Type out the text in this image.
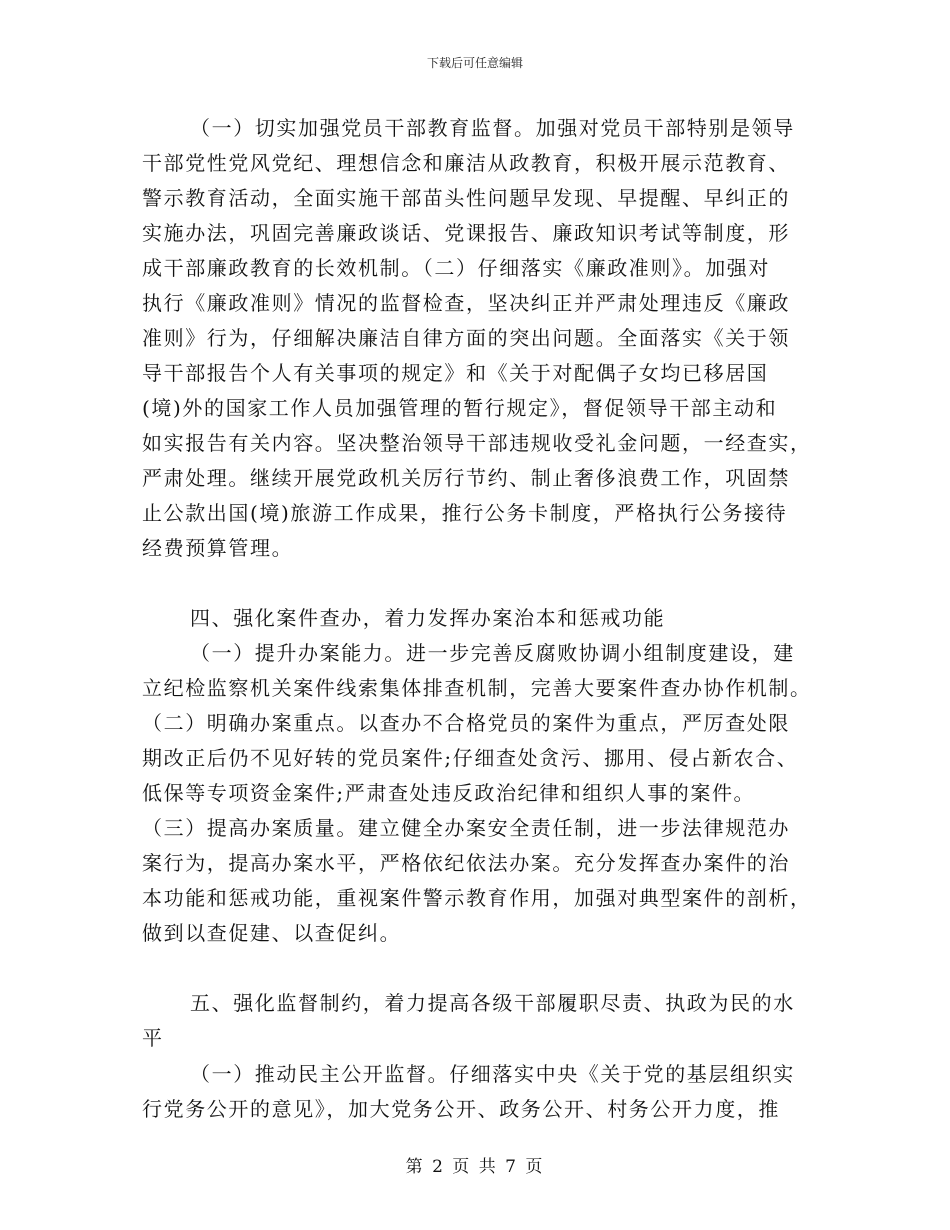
下载后可任意编辑
（一）切实加强党员干部教育监督。加强对党员干部特别是领导
干部党性党风党纪、理想信念和廉洁从政教育，积极开展示范教育、
警示教育活动，全面实施干部苗头性问题早发现、早提醒、早纠正的
实施办法，巩固完善廉政谈话、党课报告、廉政知识考试等制度，形
成干部廉政教育的长效机制。（二）仔细落实《廉政准则》。加强对
执行《廉政准则》情况的监督检查，坚决纠正并严肃处理违反《廉政
准则》行为，仔细解决廉洁自律方面的突出问题。全面落实《关于领
导干部报告个人有关事项的规定》和《关于对配偶子女均已移居国
(境)外的国家工作人员加强管理的暂行规定》，督促领导干部主动和
如实报告有关内容。坚决整治领导干部违规收受礼金问题，一经查实，
严肃处理。继续开展党政机关厉行节约、制止奢侈浪费工作，巩固禁
止公款出国(境)旅游工作成果，推行公务卡制度，严格执行公务接待
经费预算管理。
四、强化案件查办，着力发挥办案治本和惩戒功能
（一）提升办案能力。进一步完善反腐败协调小组制度建设，建
立纪检监察机关案件线索集体排查机制，完善大要案件查办协作机制。
（二）明确办案重点。以查办不合格党员的案件为重点，严厉查处限
期改正后仍不见好转的党员案件;仔细查处贪污、挪用、侵占新农合、
低保等专项资金案件;严肃查处违反政治纪律和组织人事的案件。
（三）提高办案质量。建立健全办案安全责任制，进一步法律规范办
案行为，提高办案水平，严格依纪依法办案。充分发挥查办案件的治
本功能和惩戒功能，重视案件警示教育作用，加强对典型案件的剖析，
做到以查促建、以查促纠。
五、强化监督制约，着力提高各级干部履职尽责、执政为民的水
平
（一）推动民主公开监督。仔细落实中央《关于党的基层组织实
行党务公开的意见》，加大党务公开、政务公开、村务公开力度，推
第 2 页 共 7 页
